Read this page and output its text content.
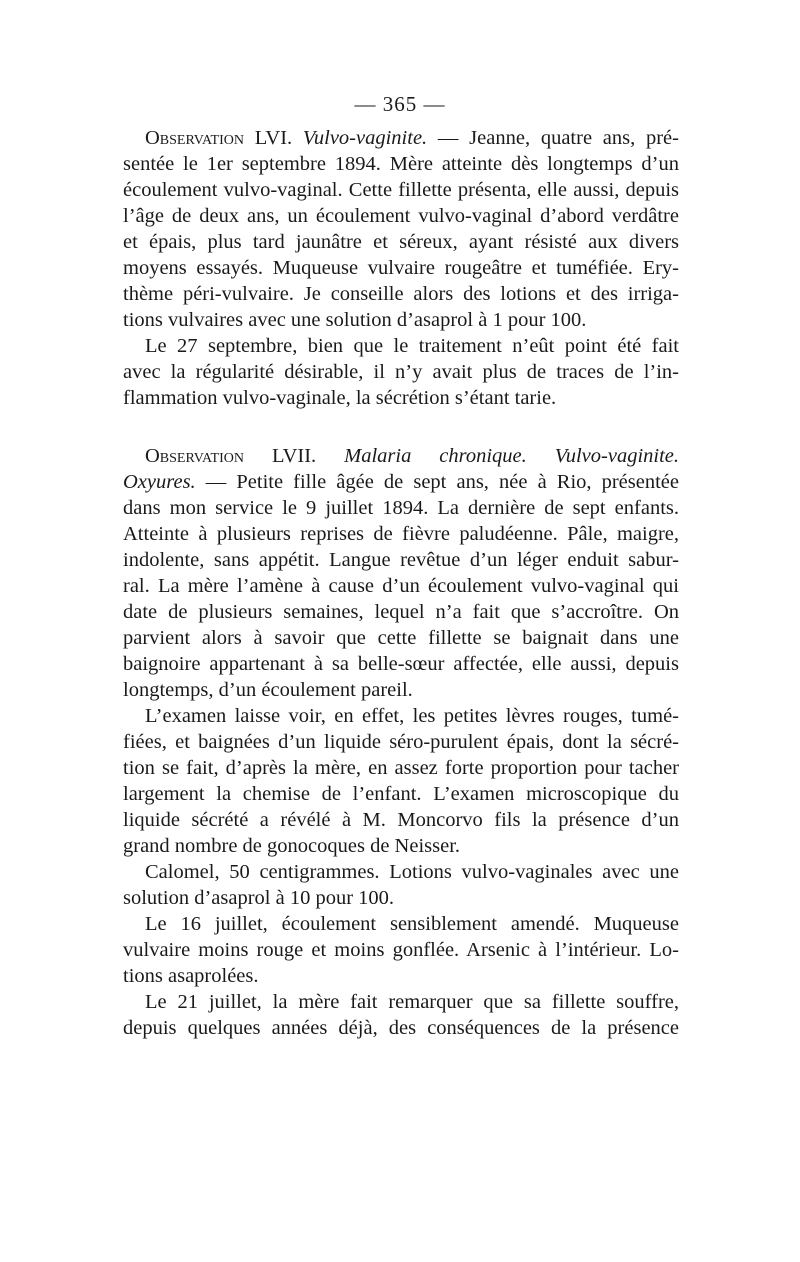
— 365 —
Observation LVI. Vulvo-vaginite. — Jeanne, quatre ans, pré-
sentée le 1er septembre 1894. Mère atteinte dès longtemps d’un
écoulement vulvo-vaginal. Cette fillette présenta, elle aussi, depuis
l’âge de deux ans, un écoulement vulvo-vaginal d’abord verdâtre
et épais, plus tard jaunâtre et séreux, ayant résisté aux divers
moyens essayés. Muqueuse vulvaire rougeâtre et tuméfiée. Ery-
thème péri-vulvaire. Je conseille alors des lotions et des irriga-
tions vulvaires avec une solution d’asaprol à 1 pour 100.
Le 27 septembre, bien que le traitement n’eût point été fait
avec la régularité désirable, il n’y avait plus de traces de l’in-
flammation vulvo-vaginale, la sécrétion s’étant tarie.
Observation LVII. Malaria chronique. Vulvo-vaginite.
Oxyures. — Petite fille âgée de sept ans, née à Rio, présentée
dans mon service le 9 juillet 1894. La dernière de sept enfants.
Atteinte à plusieurs reprises de fièvre paludéenne. Pâle, maigre,
indolente, sans appétit. Langue revêtue d’un léger enduit sabur-
ral. La mère l’amène à cause d’un écoulement vulvo-vaginal qui
date de plusieurs semaines, lequel n’a fait que s’accroître. On
parvient alors à savoir que cette fillette se baignait dans une
baignoire appartenant à sa belle-sœur affectée, elle aussi, depuis
longtemps, d’un écoulement pareil.
L’examen laisse voir, en effet, les petites lèvres rouges, tumé-
fiées, et baignées d’un liquide séro-purulent épais, dont la sécré-
tion se fait, d’après la mère, en assez forte proportion pour tacher
largement la chemise de l’enfant. L’examen microscopique du
liquide sécrété a révélé à M. Moncorvo fils la présence d’un
grand nombre de gonocoques de Neisser.
Calomel, 50 centigrammes. Lotions vulvo-vaginales avec une
solution d’asaprol à 10 pour 100.
Le 16 juillet, écoulement sensiblement amendé. Muqueuse
vulvaire moins rouge et moins gonflée. Arsenic à l’intérieur. Lo-
tions asaprolées.
Le 21 juillet, la mère fait remarquer que sa fillette souffre,
depuis quelques années déjà, des conséquences de la présence
